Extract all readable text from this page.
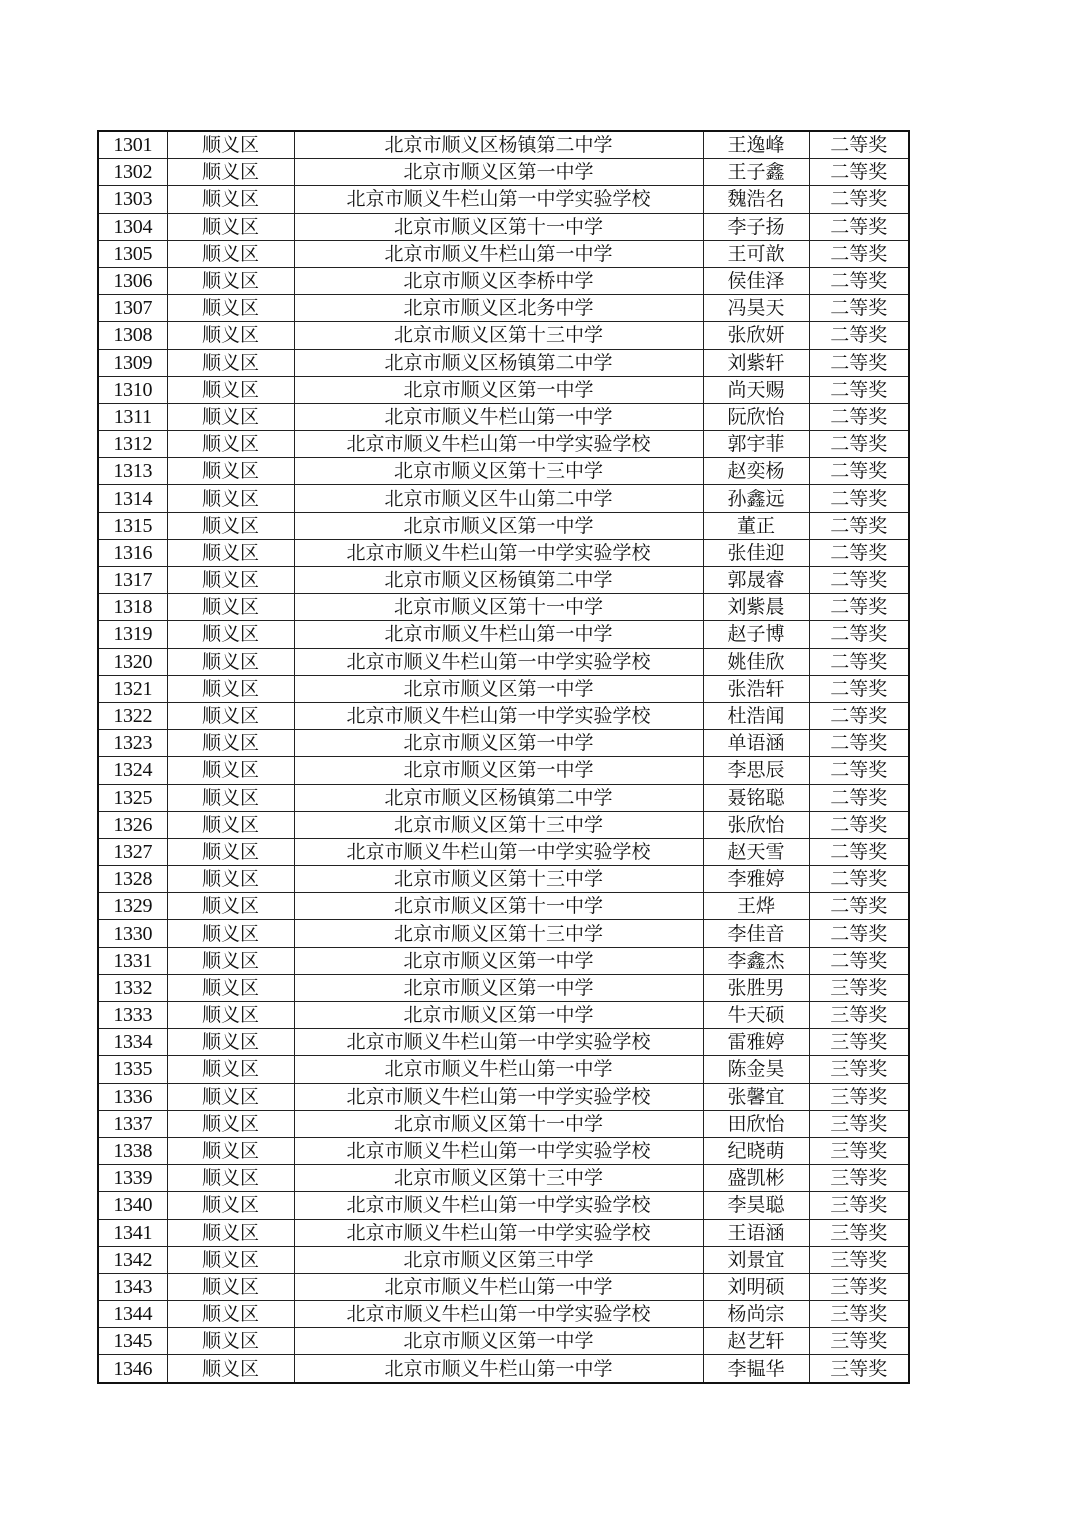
1301	顺义区	北京市顺义区杨镇第二中学	王逸峰	二等奖
1302	顺义区	北京市顺义区第一中学	王子鑫	二等奖
1303	顺义区	北京市顺义牛栏山第一中学实验学校	魏浩名	二等奖
1304	顺义区	北京市顺义区第十一中学	李子扬	二等奖
1305	顺义区	北京市顺义牛栏山第一中学	王可歆	二等奖
1306	顺义区	北京市顺义区李桥中学	侯佳泽	二等奖
1307	顺义区	北京市顺义区北务中学	冯昊天	二等奖
1308	顺义区	北京市顺义区第十三中学	张欣妍	二等奖
1309	顺义区	北京市顺义区杨镇第二中学	刘紫轩	二等奖
1310	顺义区	北京市顺义区第一中学	尚天赐	二等奖
1311	顺义区	北京市顺义牛栏山第一中学	阮欣怡	二等奖
1312	顺义区	北京市顺义牛栏山第一中学实验学校	郭宇菲	二等奖
1313	顺义区	北京市顺义区第十三中学	赵奕杨	二等奖
1314	顺义区	北京市顺义区牛山第二中学	孙鑫远	二等奖
1315	顺义区	北京市顺义区第一中学	董正	二等奖
1316	顺义区	北京市顺义牛栏山第一中学实验学校	张佳迎	二等奖
1317	顺义区	北京市顺义区杨镇第二中学	郭晟睿	二等奖
1318	顺义区	北京市顺义区第十一中学	刘紫晨	二等奖
1319	顺义区	北京市顺义牛栏山第一中学	赵子博	二等奖
1320	顺义区	北京市顺义牛栏山第一中学实验学校	姚佳欣	二等奖
1321	顺义区	北京市顺义区第一中学	张浩轩	二等奖
1322	顺义区	北京市顺义牛栏山第一中学实验学校	杜浩闻	二等奖
1323	顺义区	北京市顺义区第一中学	单语涵	二等奖
1324	顺义区	北京市顺义区第一中学	李思辰	二等奖
1325	顺义区	北京市顺义区杨镇第二中学	聂铭聪	二等奖
1326	顺义区	北京市顺义区第十三中学	张欣怡	二等奖
1327	顺义区	北京市顺义牛栏山第一中学实验学校	赵天雪	二等奖
1328	顺义区	北京市顺义区第十三中学	李雅婷	二等奖
1329	顺义区	北京市顺义区第十一中学	王烨	二等奖
1330	顺义区	北京市顺义区第十三中学	李佳音	二等奖
1331	顺义区	北京市顺义区第一中学	李鑫杰	二等奖
1332	顺义区	北京市顺义区第一中学	张胜男	三等奖
1333	顺义区	北京市顺义区第一中学	牛天硕	三等奖
1334	顺义区	北京市顺义牛栏山第一中学实验学校	雷雅婷	三等奖
1335	顺义区	北京市顺义牛栏山第一中学	陈金昊	三等奖
1336	顺义区	北京市顺义牛栏山第一中学实验学校	张馨宜	三等奖
1337	顺义区	北京市顺义区第十一中学	田欣怡	三等奖
1338	顺义区	北京市顺义牛栏山第一中学实验学校	纪晓萌	三等奖
1339	顺义区	北京市顺义区第十三中学	盛凯彬	三等奖
1340	顺义区	北京市顺义牛栏山第一中学实验学校	李昊聪	三等奖
1341	顺义区	北京市顺义牛栏山第一中学实验学校	王语涵	三等奖
1342	顺义区	北京市顺义区第三中学	刘景宜	三等奖
1343	顺义区	北京市顺义牛栏山第一中学	刘明硕	三等奖
1344	顺义区	北京市顺义牛栏山第一中学实验学校	杨尚宗	三等奖
1345	顺义区	北京市顺义区第一中学	赵艺轩	三等奖
1346	顺义区	北京市顺义牛栏山第一中学	李韫华	三等奖
